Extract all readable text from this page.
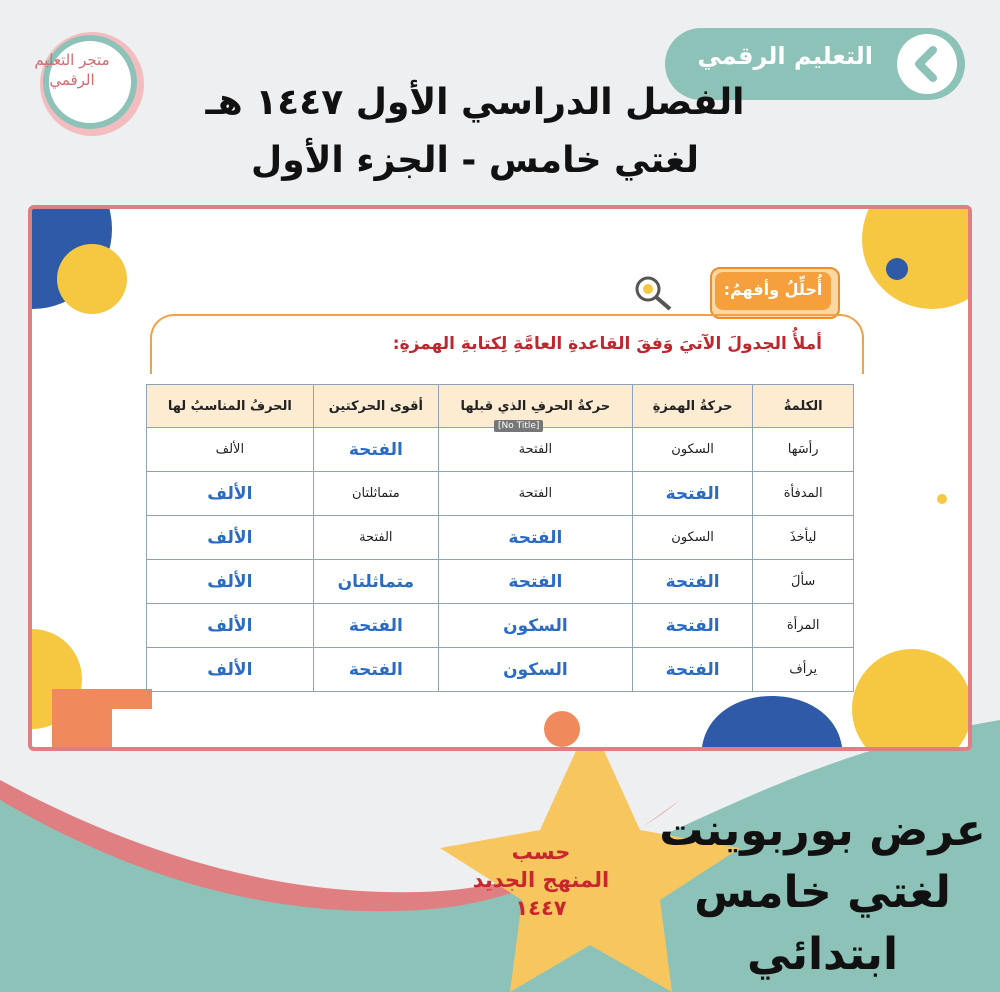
التعليم الرقمي
متجر التعليم الرقمي
الفصل الدراسي الأول ١٤٤٧ هـ
لغتي خامس - الجزء الأول
أُحلِّلُ وأفهمُ:
أملأُ الجدولَ الآتيَ وَفقَ القاعدةِ العامَّةِ لِكتابةِ الهمزةِ:
الكلمةُ	حركةُ الهمزةِ	حركةُ الحرفِ الذي قبلها	أقوى الحركتين	الحرفُ المناسبُ لها
رأسَها	السكون	الفتحة	الفتحة	الألف
المدفأة	الفتحة	الفتحة	متماثلتان	الألف
ليأخذَ	السكون	الفتحة	الفتحة	الألف
سألَ	الفتحة	الفتحة	متماثلتان	الألف
المرأة	الفتحة	السكون	الفتحة	الألف
يرأف	الفتحة	السكون	الفتحة	الألف
[No Title]
حسب
المنهج الجديد
١٤٤٧
عرض بوربوينت
لغتي خامس
ابتدائي
